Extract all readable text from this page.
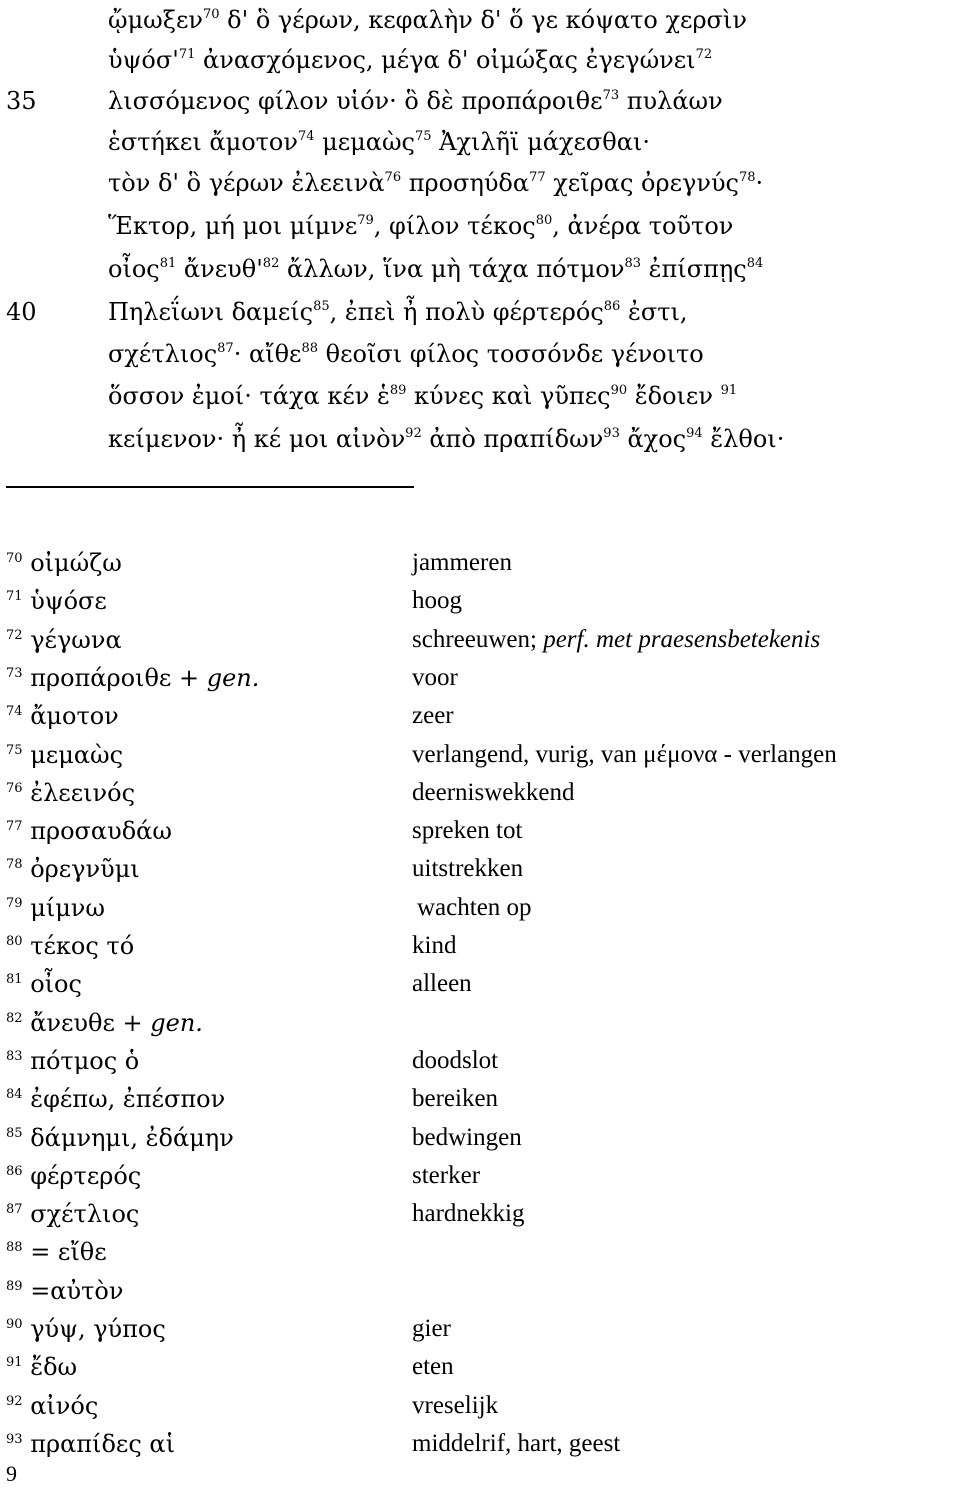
35
40
ᾤμωξεν$^{70}$ δ' ὃ γέρων, κεφαλὴν δ' ὅ γε κόψατο χερσὶν
$ὑ\psi ό\sigma'^{71}$ ἀνασχόμενος, μέγα δ' οἰμώξας ἐγεγώνει$^{72}$
λισσόμενος φίλον υἱόν· ὃ δὲ προπάροιθε$^{73}$ πυλάων
ἑστήκει ἄμοτον$^{74}$ μεμαὼς$^{75}$ Ἀχιλῆϊ μάχεσθαι·
τὸν δ' ὃ γέρων ἐλεεινὰ$^{76}$ προσηύδα$^{77}$ χεῖρας ὀρεγνύς$^{78}$·
Ἕκτορ, μή μοι μίμνε$^{79}$, φίλον τέκος$^{80}$, ἀνέρα τοῦτον
οἶος$^{81}$ $ἄ\nu\varepsilon\upsilon\theta'^{82}$ ἄλλων, ἵνα μὴ τάχα πότμον$^{83}$ ἐπίσπῃς$^{84}$
Πηλεΐωνι δαμείς$^{85}$, ἐπεὶ ἦ πολὺ φέρτερός$^{86}$ ἐστι,
σχέτλιος$^{87}$· αἴθε$^{88}$ θεοῖσι φίλος τοσσόνδε γένοιτο
ὅσσον ἐμοί· τάχα κέν ἑ$^{89}$ κύνες καὶ γῦπες$^{90}$ ἔδοιεν $^{91}$
κείμενον· ἦ κέ μοι αἰνὸν$^{92}$ ἀπὸ πραπίδων$^{93}$ ἄχος$^{94}$ ἔλθοι·
$^{70}$ οἰμώζω	jammeren
$^{71}$ ὑψόσε	hoog
$^{72}$ γέγωνα	schreeuwen; perf. met praesensbetekenis
$^{73}$ προπάροιθε + gen.	voor
$^{74}$ ἄμοτον	zeer
$^{75}$ μεμαὼς	verlangend, vurig, van μέμονα - verlangen
$^{76}$ ἐλεεινός	deerniswekkend
$^{77}$ προσαυδάω	spreken tot
$^{78}$ ὀρεγνῦμι	uitstrekken
$^{79}$ μίμνω	wachten op
$^{80}$ τέκος τό	kind
$^{81}$ οἶος	alleen
$^{82}$ ἄνευθε + gen.
$^{83}$ πότμος ὁ	doodslot
$^{84}$ ἐφέπω, ἐπέσπον	bereiken
$^{85}$ δάμνημι, ἐδάμην	bedwingen
$^{86}$ φέρτερός	sterker
$^{87}$ σχέτλιος	hardnekkig
$^{88}$ = εἴθε
$^{89}$ =αὐτὸν
$^{90}$ γύψ, γύπος	gier
$^{91}$ ἔδω	eten
$^{92}$ αἰνός	vreselijk
$^{93}$ πραπίδες αἱ	middelrif, hart, geest
9
